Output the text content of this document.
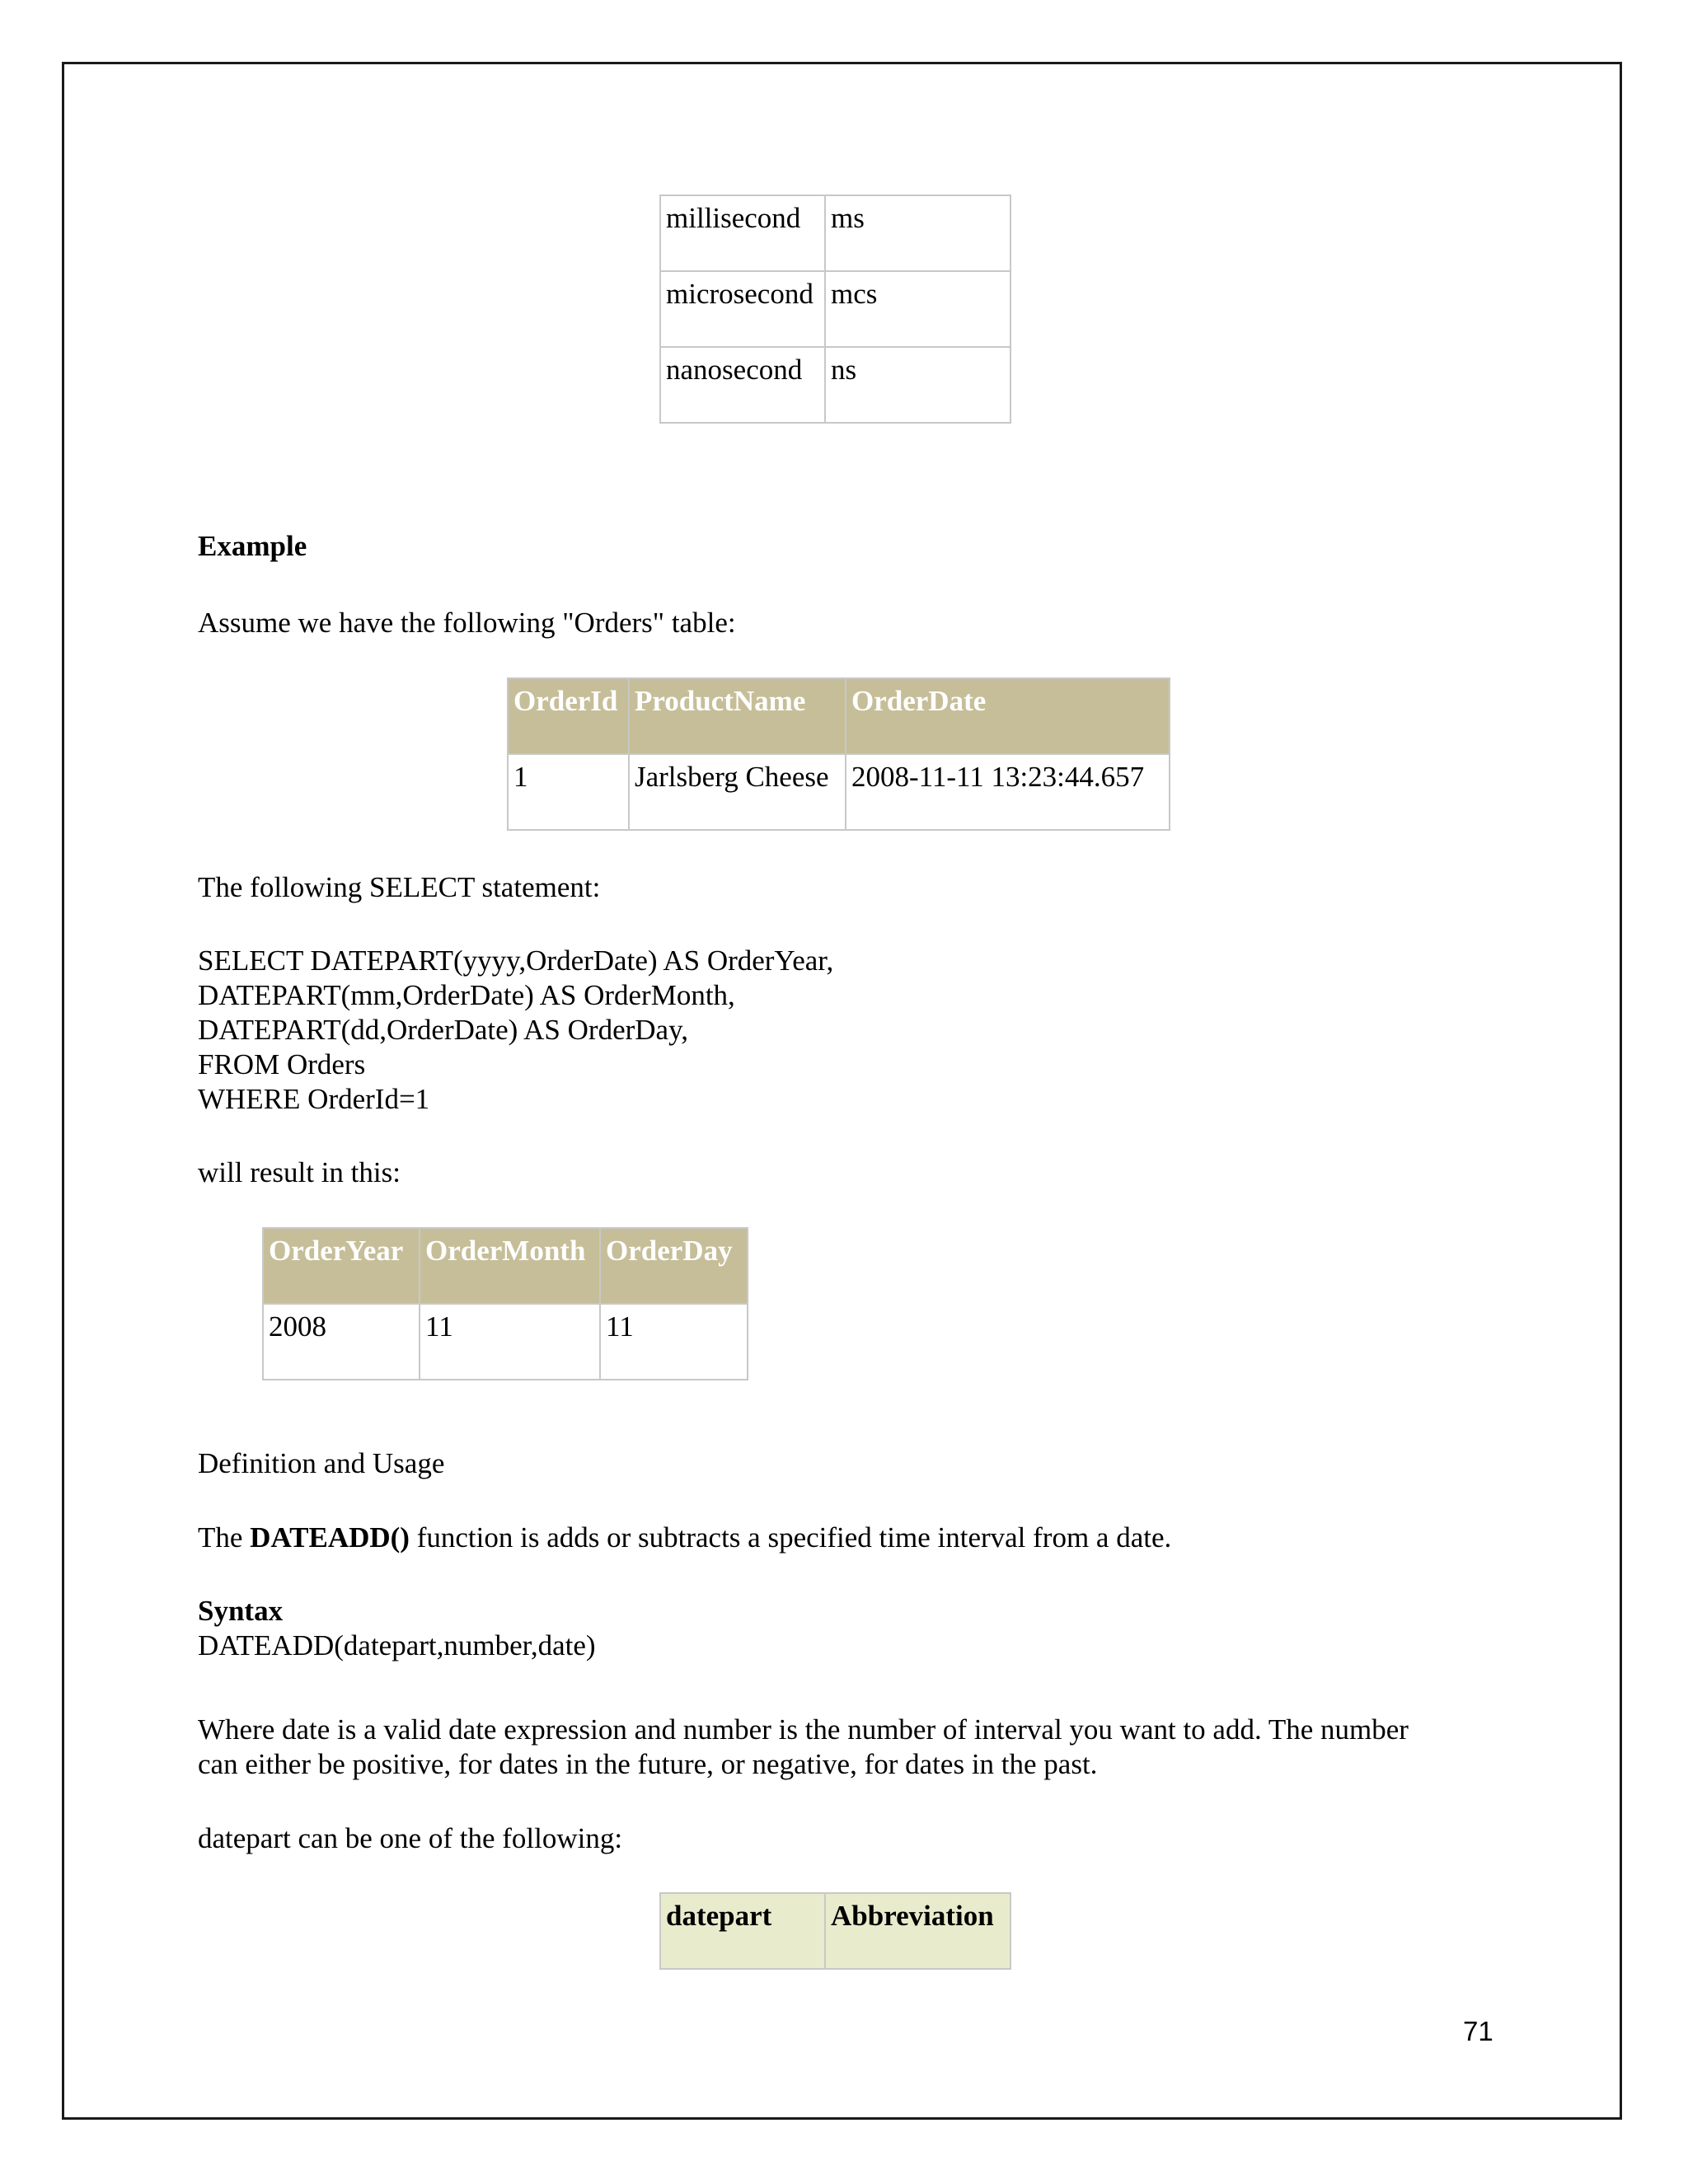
millisecond	ms
microsecond	mcs
nanosecond	ns

Example

Assume we have the following "Orders" table:

OrderId	ProductName	OrderDate
1	Jarlsberg Cheese	2008-11-11 13:23:44.657

The following SELECT statement:

SELECT DATEPART(yyyy,OrderDate) AS OrderYear,

DATEPART(mm,OrderDate) AS OrderMonth,

DATEPART(dd,OrderDate) AS OrderDay,

FROM Orders

WHERE OrderId=1

will result in this:

OrderYear	OrderMonth	OrderDay
2008	11	11

Definition and Usage

The DATEADD() function is adds or subtracts a specified time interval from a date.

Syntax

DATEADD(datepart,number,date)

Where date is a valid date expression and number is the number of interval you want to add. The number

can either be positive, for dates in the future, or negative, for dates in the past.

datepart can be one of the following:

datepart	Abbreviation
71
